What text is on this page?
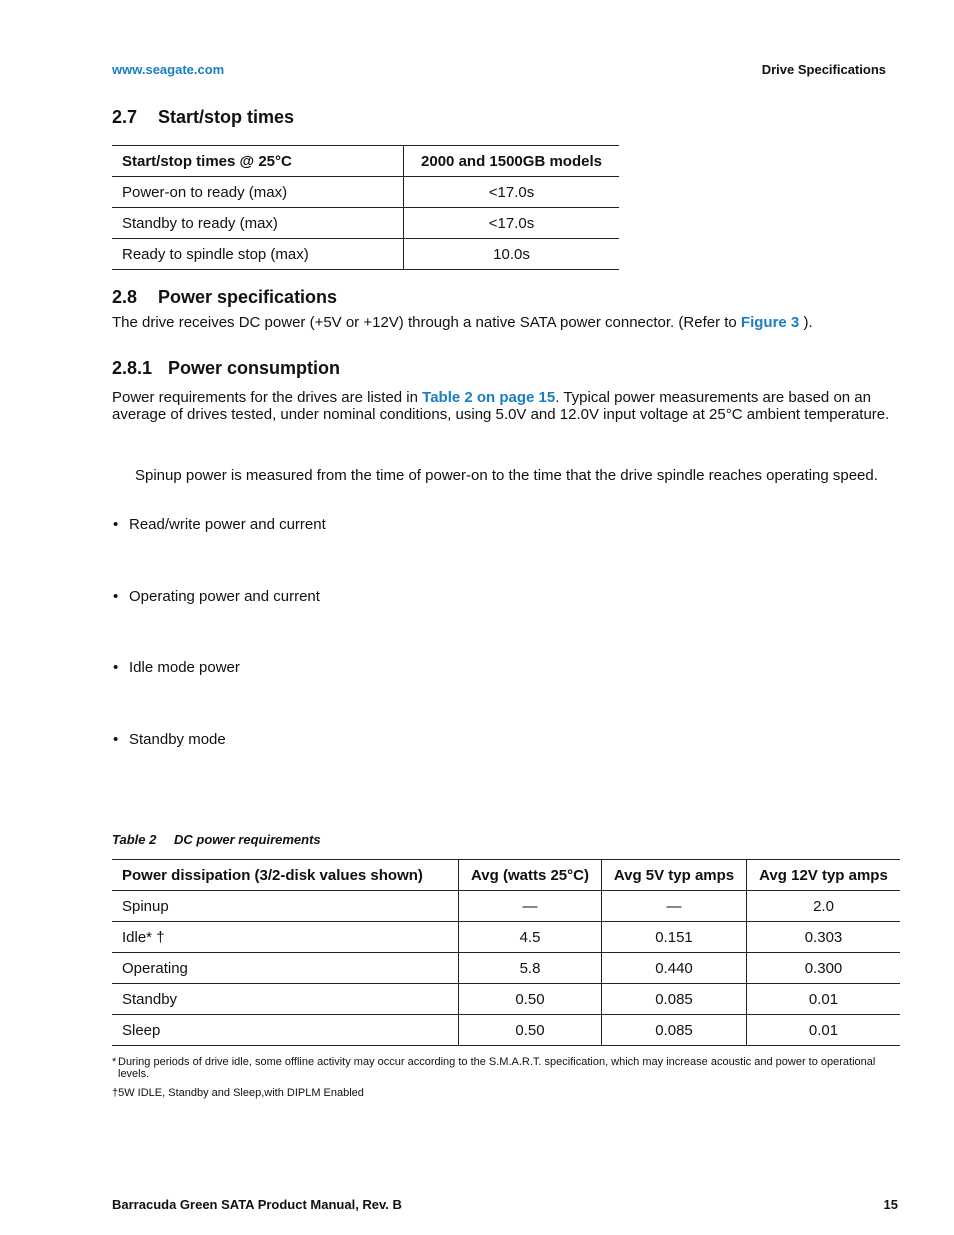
www.seagate.com	Drive Specifications
2.7 Start/stop times
Start/stop times @ 25°C	2000 and 1500GB models
Power-on to ready (max)	<17.0s
Standby to ready (max)	<17.0s
Ready to spindle stop (max)	10.0s
2.8 Power specifications
The drive receives DC power (+5V or +12V) through a native SATA power connector. (Refer to Figure 3 ).
2.8.1 Power consumption
Power requirements for the drives are listed in Table 2 on page 15. Typical power measurements are based on an average of drives tested, under nominal conditions, using 5.0V and 12.0V input voltage at 25°C ambient temperature.
Spinup power is measured from the time of power-on to the time that the drive spindle reaches operating speed.
• Read/write power and current
• Operating power and current
• Idle mode power
• Standby mode
Table 2 DC power requirements
Power dissipation (3/2-disk values shown)	Avg (watts 25°C)	Avg 5V typ amps	Avg 12V typ amps
Spinup	—	—	2.0
Idle* †	4.5	0.151	0.303
Operating	5.8	0.440	0.300
Standby	0.50	0.085	0.01
Sleep	0.50	0.085	0.01
* During periods of drive idle, some offline activity may occur according to the S.M.A.R.T. specification, which may increase acoustic and power to operational levels.
†5W IDLE, Standby and Sleep,with DIPLM Enabled
Barracuda Green SATA Product Manual, Rev. B	15
